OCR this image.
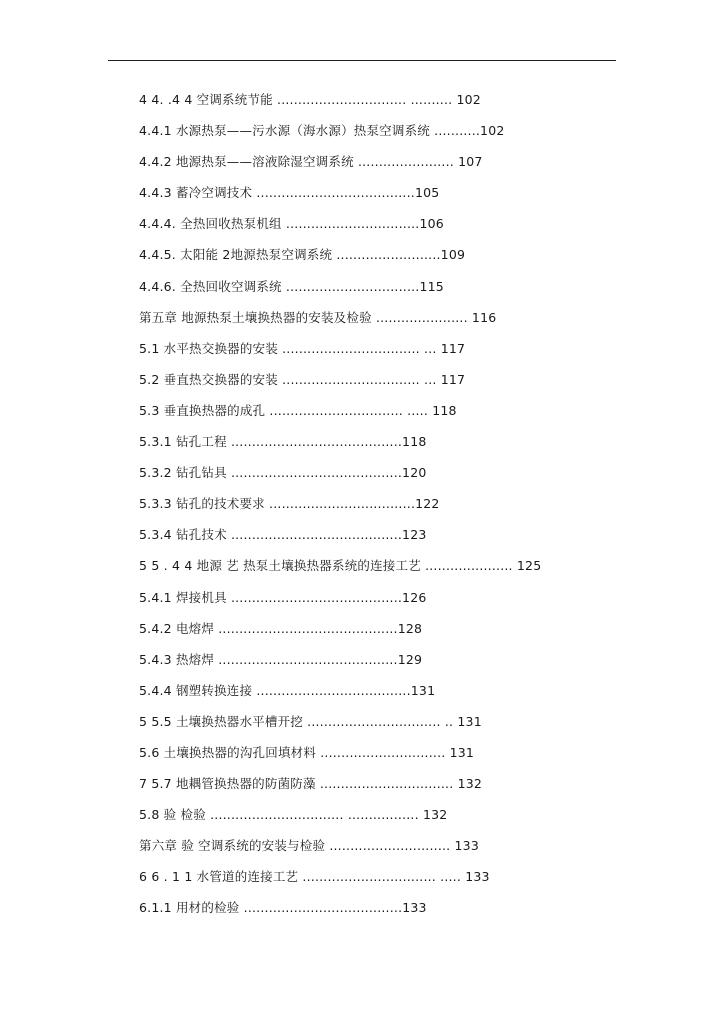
4 4. .4 4 空调系统节能 ............................... .......... 102
4.4.1 水源热泵——污水源（海水源）热泵空调系统 ...........102
4.4.2 地源热泵——溶液除湿空调系统 ....................... 107
4.4.3 蓄冷空调技术 ......................................105
4.4.4. 全热回收热泵机组 ................................106
4.4.5. 太阳能 2地源热泵空调系统 .........................109
4.4.6. 全热回收空调系统 ................................115
第五章 地源热泵土壤换热器的安装及检验 ...................... 116
5.1 水平热交换器的安装 ................................. ... 117
5.2 垂直热交换器的安装 ................................. ... 117
5.3 垂直换热器的成孔 ................................ ..... 118
5.3.1 钻孔工程 .........................................118
5.3.2 钻孔钻具 .........................................120
5.3.3 钻孔的技术要求 ...................................122
5.3.4 钻孔技术 .........................................123
5 5 . 4 4 地源 艺 热泵土壤换热器系统的连接工艺 ..................... 125
5.4.1 焊接机具 .........................................126
5.4.2 电熔焊 ...........................................128
5.4.3 热熔焊 ...........................................129
5.4.4 钢塑转换连接 .....................................131
5 5.5 土壤换热器水平槽开挖 ................................ .. 131
5.6 土壤换热器的沟孔回填材料 .............................. 131
7 5.7 地耦管换热器的防菌防藻 ................................ 132
5.8 验 检验 ................................ ................. 132
第六章 验 空调系统的安装与检验 ............................. 133
6 6 . 1 1 水管道的连接工艺 ................................ ..... 133
6.1.1 用材的检验 ......................................133
